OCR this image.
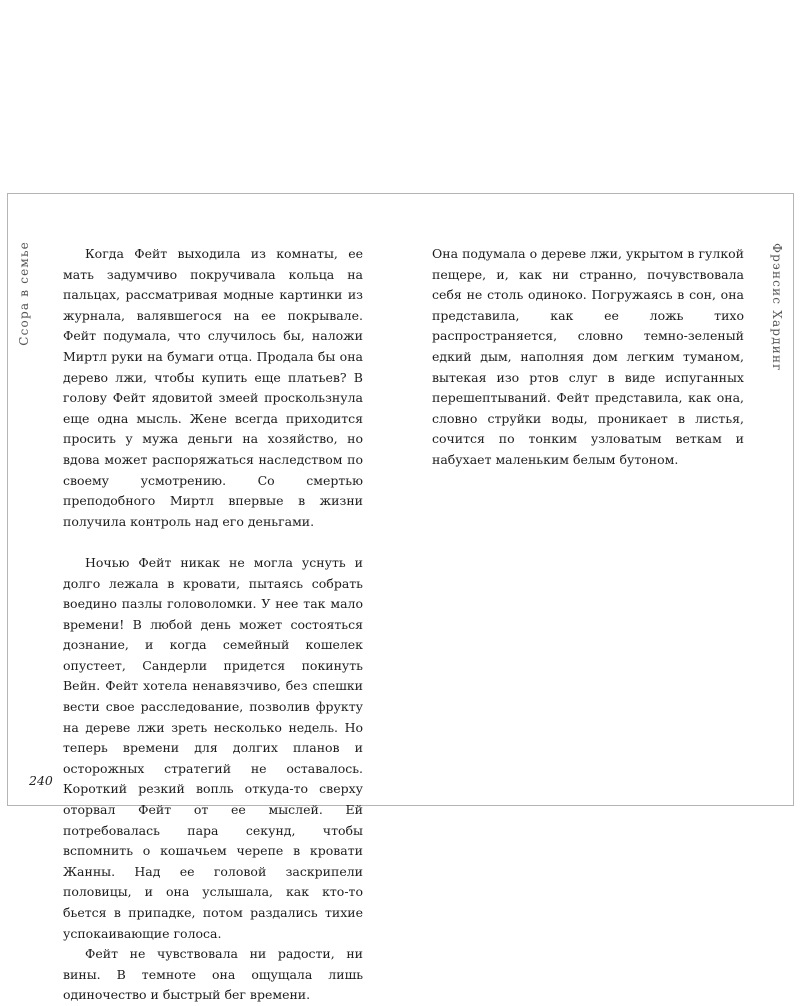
Ссора в семье	Когда Фейт выходила из комнаты, ее мать задумчиво покручивала кольца на пальцах, рассматривая модные картинки из журнала, валявшегося на ее покрывале. Фейт подумала, что случилось бы, наложи Миртл руки на бумаги отца. Продала бы она дерево лжи, чтобы купить еще платьев? В голову Фейт ядовитой змеей проскользнула еще одна мысль. Жене всегда приходится просить у мужа деньги на хозяйство, но вдова может распоряжаться наследством по своему усмотрению. Со смертью преподобного Миртл впервые в жизни получила контроль над его деньгами.

Ночью Фейт никак не могла уснуть и долго лежала в кровати, пытаясь собрать воедино пазлы головоломки. У нее так мало времени! В любой день может состояться дознание, и когда семейный кошелек опустеет, Сандерли придется покинуть Вейн. Фейт хотела ненавязчиво, без спешки вести свое расследование, позволив фрукту на дереве лжи зреть несколько недель. Но теперь времени для долгих планов и осторожных стратегий не оставалось. Короткий резкий вопль откуда-то сверху оторвал Фейт от ее мыслей. Ей потребовалась пара секунд, чтобы вспомнить о кошачьем черепе в кровати Жанны. Над ее головой заскрипели половицы, и она услышала, как кто-то бьется в припадке, потом раздались тихие успокаивающие голоса.

Фейт не чувствовала ни радости, ни вины. В темноте она ощущала лишь одиночество и быстрый бег времени.

240

Она подумала о дереве лжи, укрытом в гулкой пещере, и, как ни странно, почувствовала себя не столь одиноко. Погружаясь в сон, она представила, как ее ложь тихо распространяется, словно темно-зеленый едкий дым, наполняя дом легким туманом, вытекая изо ртов слуг в виде испуганных перешептываний. Фейт представила, как она, словно струйки воды, проникает в листья, сочится по тонким узловатым веткам и набухает маленьким белым бутоном.

Фрэнсис Хардинг
